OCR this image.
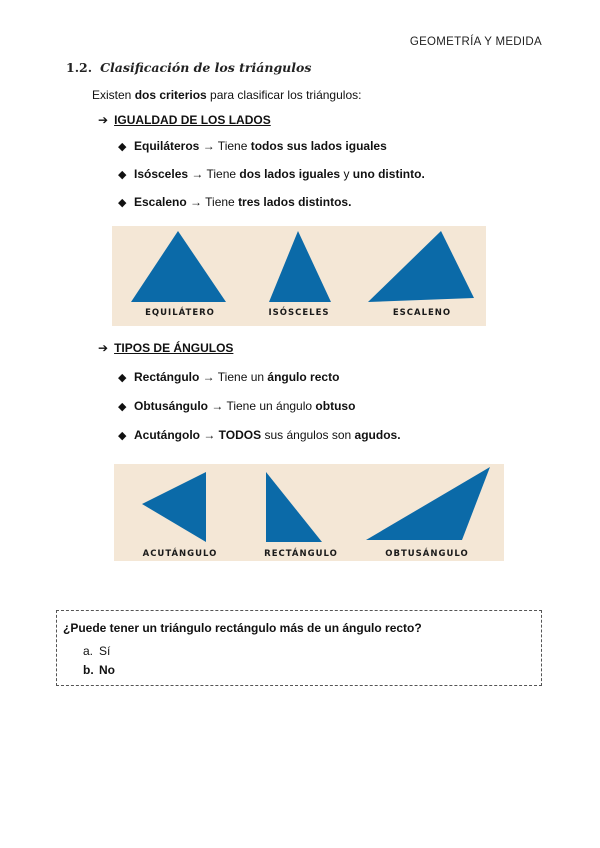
GEOMETRÍA Y MEDIDA
1.2. Clasificación de los triángulos
Existen dos criterios para clasificar los triángulos:
➔ IGUALDAD DE LOS LADOS
◆ Equiláteros → Tiene todos sus lados iguales
◆ Isósceles → Tiene dos lados iguales y uno distinto.
◆ Escaleno → Tiene tres lados distintos.
EQUILÁTERO	ISÓSCELES	ESCALENO
➔ TIPOS DE ÁNGULOS
◆ Rectángulo → Tiene un ángulo recto
◆ Obtusángulo → Tiene un ángulo obtuso
◆ Acutángolo → TODOS sus ángulos son agudos.
ACUTÁNGULO	RECTÁNGULO	OBTUSÁNGULO
¿Puede tener un triángulo rectángulo más de un ángulo recto?
a. Sí
b. No
